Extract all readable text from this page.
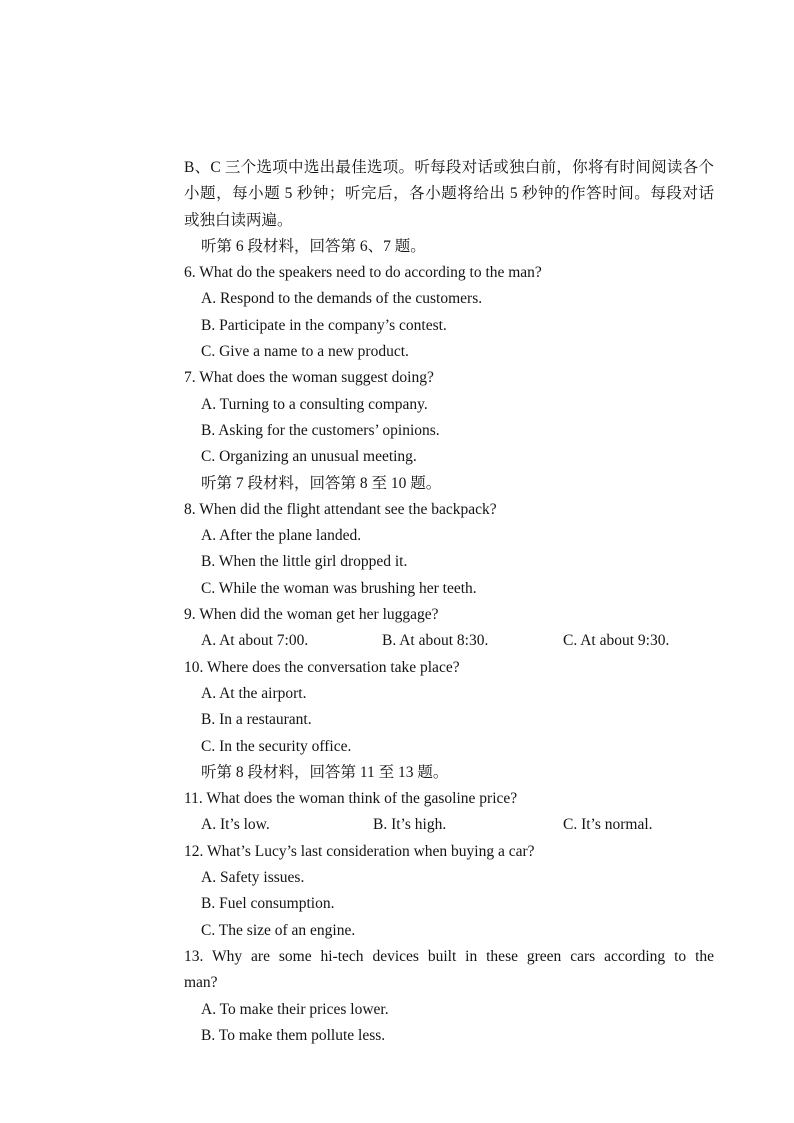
B、C 三个选项中选出最佳选项。听每段对话或独白前，你将有时间阅读各个
小题，每小题 5 秒钟；听完后，各小题将给出 5 秒钟的作答时间。每段对话
或独白读两遍。
听第 6 段材料，回答第 6、7 题。
6. What do the speakers need to do according to the man?
A. Respond to the demands of the customers.
B. Participate in the company’s contest.
C. Give a name to a new product.
7. What does the woman suggest doing?
A. Turning to a consulting company.
B. Asking for the customers’ opinions.
C. Organizing an unusual meeting.
听第 7 段材料，回答第 8 至 10 题。
8. When did the flight attendant see the backpack?
A. After the plane landed.
B. When the little girl dropped it.
C. While the woman was brushing her teeth.
9. When did the woman get her luggage?
A. At about 7:00.	B. At about 8:30.	C. At about 9:30.
10. Where does the conversation take place?
A. At the airport.
B. In a restaurant.
C. In the security office.
听第 8 段材料，回答第 11 至 13 题。
11. What does the woman think of the gasoline price?
A. It’s low.	B. It’s high.	C. It’s normal.
12. What’s Lucy’s last consideration when buying a car?
A. Safety issues.
B. Fuel consumption.
C. The size of an engine.
13. Why are some hi-tech devices built in these green cars according to the
man?
A. To make their prices lower.
B. To make them pollute less.
